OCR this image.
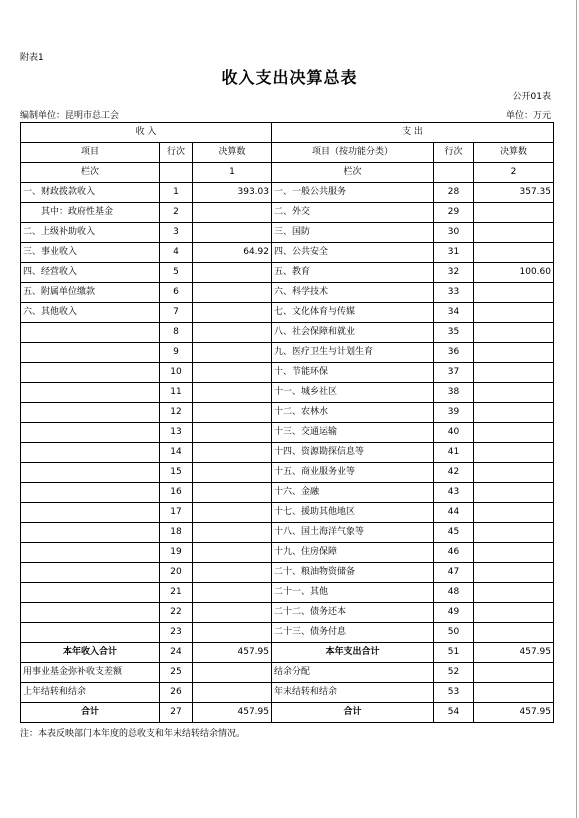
附表1
收入支出决算总表
公开01表
编制单位：昆明市总工会	单位：万元
收 入			支 出		
项目	行次	决算数	项目（按功能分类）	行次	决算数
栏次		1	栏次		2
一、财政拨款收入	1	393.03	一、一般公共服务	28	357.35
其中：政府性基金	2		二、外交	29	
二、上级补助收入	3		三、国防	30	
三、事业收入	4	64.92	四、公共安全	31	
四、经营收入	5		五、教育	32	100.60
五、附属单位缴款	6		六、科学技术	33	
六、其他收入	7		七、文化体育与传媒	34	
	8		八、社会保障和就业	35	
	9		九、医疗卫生与计划生育	36	
	10		十、节能环保	37	
	11		十一、城乡社区	38	
	12		十二、农林水	39	
	13		十三、交通运输	40	
	14		十四、资源勘探信息等	41	
	15		十五、商业服务业等	42	
	16		十六、金融	43	
	17		十七、援助其他地区	44	
	18		十八、国土海洋气象等	45	
	19		十九、住房保障	46	
	20		二十、粮油物资储备	47	
	21		二十一、其他	48	
	22		二十二、债务还本	49	
	23		二十三、债务付息	50	
本年收入合计	24	457.95	本年支出合计	51	457.95
用事业基金弥补收支差额	25		结余分配	52	
上年结转和结余	26		年末结转和结余	53	
合计	27	457.95	合计	54	457.95
注：本表反映部门本年度的总收支和年末结转结余情况。
